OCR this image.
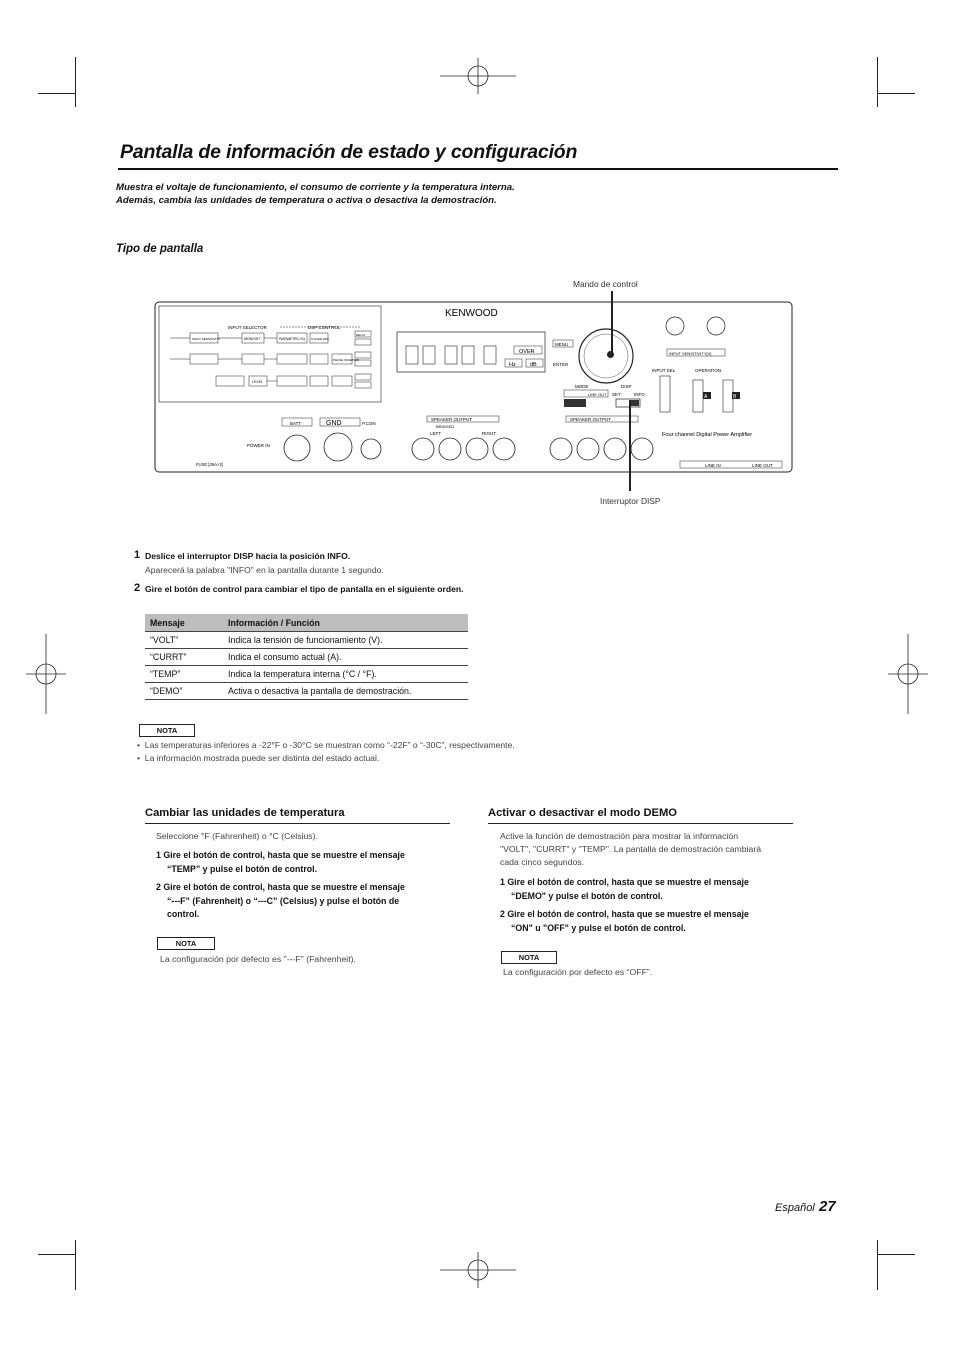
Pantalla de información de estado y configuración
Muestra el voltaje de funcionamiento, el consumo de corriente y la temperatura interna.
Además, cambia las unidades de temperatura o activa o desactiva la demostración.
Tipo de pantalla
Mando de control
Interruptor DISP
INPUT SELECTOR	DSP CONTROL
INPUT SENSITIVITY	MONO/ST	PARAMETRIC EQ X'OVER HPF
PHASE INVERTER
LEVEL
DELAY
KENWOOD
OVER
Hz	dB
MENU
ENTER
MODE	DISP
LINE OUT SET	INFO
INPUT SENSITIVITY[V]
INPUT SEL	OPERATION
A	B
SPEAKER OUTPUT	SPEAKER OUTPUT
BRIDGED
LEFT	RIGHT
BATT	GND	P.CON
POWER IN
FUSE [25A×3]
Four channel Digital Power Amplifier
LINE IN	LINE OUT
1 Deslice el interruptor DISP hacia la posición INFO.
Aparecerá la palabra "INFO" en la pantalla durante 1 segundo.
2 Gire el botón de control para cambiar el tipo de pantalla en el siguiente orden.
Mensaje	Información / Función
“VOLT”	Indica la tensión de funcionamiento (V).
“CURRT”	Indica el consumo actual (A).
“TEMP”	Indica la temperatura interna (°C / °F).
“DEMO”	Activa o desactiva la pantalla de demostración.
NOTA
•  Las temperaturas inferiores a -22°F o -30°C se muestran como “-22F” o “-30C”, respectivamente.
•  La información mostrada puede ser distinta del estado actual.
Cambiar las unidades de temperatura
Seleccione °F (Fahrenheit) o °C (Celsius).
1 Gire el botón de control, hasta que se muestre el mensaje
“TEMP” y pulse el botón de control.
2 Gire el botón de control, hasta que se muestre el mensaje
“---F” (Fahrenheit) o “---C” (Celsius) y pulse el botón de
control.
NOTA
La configuración por defecto es "---F" (Fahrenheit).
Activar o desactivar el modo DEMO
Active la función de demostración para mostrar la información
"VOLT", "CURRT" y "TEMP". La pantalla de demostración cambiará
cada cinco segundos.
1 Gire el botón de control, hasta que se muestre el mensaje
“DEMO" y pulse el botón de control.
2 Gire el botón de control, hasta que se muestre el mensaje
“ON" u "OFF" y pulse el botón de control.
NOTA
La configuración por defecto es “OFF”.
Español 27
